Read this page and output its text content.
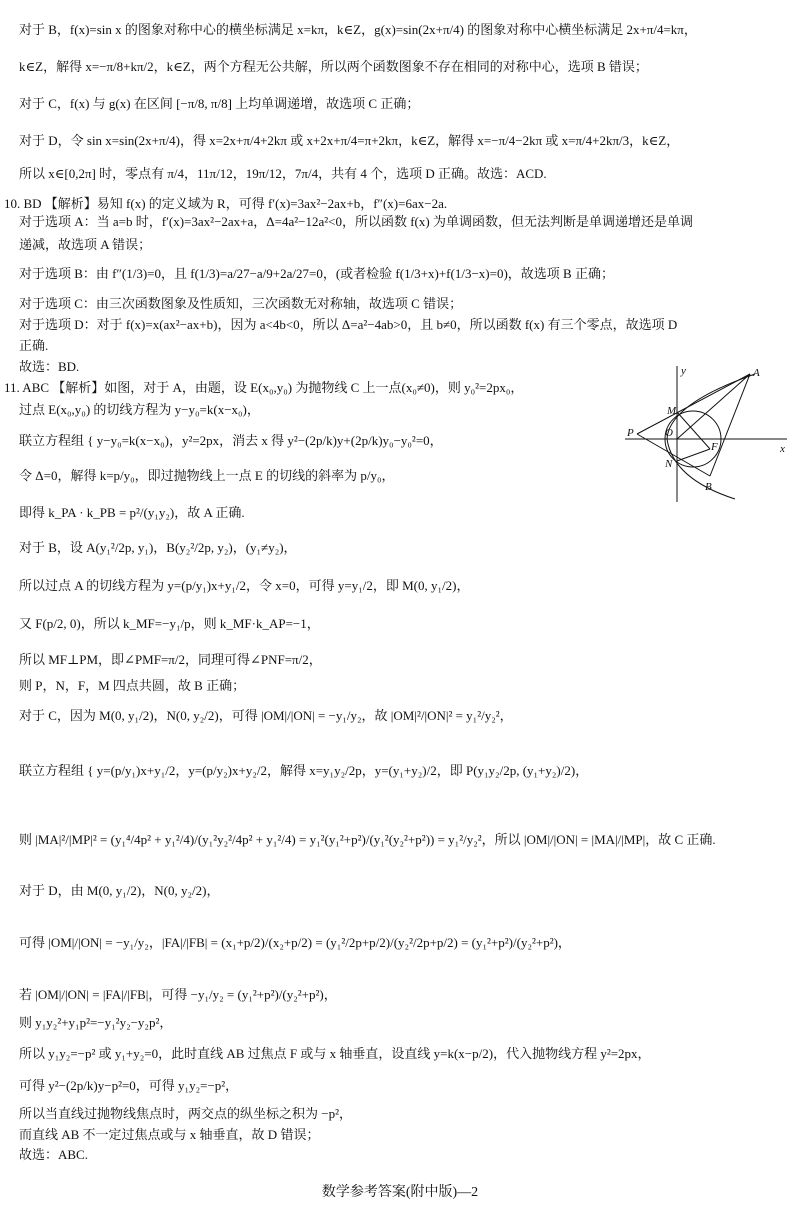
对于 B，f(x)=sin x 的图象对称中心的横坐标满足 x=kπ，k∈Z，g(x)=sin(2x+π/4) 的图象对称中心横坐标满足 2x+π/4=kπ，
k∈Z，解得 x=−π/8+kπ/2，k∈Z，两个方程无公共解，所以两个函数图象不存在相同的对称中心，选项 B 错误；
对于 C，f(x) 与 g(x) 在区间 [−π/8, π/8] 上均单调递增，故选项 C 正确；
对于 D，令 sin x=sin(2x+π/4)，得 x=2x+π/4+2kπ 或 x+2x+π/4=π+2kπ，k∈Z，解得 x=−π/4−2kπ 或 x=π/4+2kπ/3，k∈Z，
所以 x∈[0,2π] 时，零点有 π/4，11π/12，19π/12，7π/4，共有 4 个，选项 D 正确。故选：ACD.
10. BD 【解析】易知 f(x) 的定义域为 R，可得 f′(x)=3ax²−2ax+b，f″(x)=6ax−2a.
对于选项 A：当 a=b 时，f′(x)=3ax²−2ax+a，Δ=4a²−12a²<0，所以函数 f(x) 为单调函数，但无法判断是单调递增还是单调
递减，故选项 A 错误；
对于选项 B：由 f″(1/3)=0，且 f(1/3)=a/27−a/9+2a/27=0，(或者检验 f(1/3+x)+f(1/3−x)=0)，故选项 B 正确；
对于选项 C：由三次函数图象及性质知，三次函数无对称轴，故选项 C 错误；
对于选项 D：对于 f(x)=x(ax²−ax+b)，因为 a<4b<0，所以 Δ=a²−4ab>0，且 b≠0，所以函数 f(x) 有三个零点，故选项 D
正确.
故选：BD.
11. ABC 【解析】如图，对于 A，由题，设 E(x₀,y₀) 为抛物线 C 上一点(x₀≠0)，则 y₀²=2px₀，
过点 E(x₀,y₀) 的切线方程为 y−y₀=k(x−x₀)，
联立方程组 { y−y₀=k(x−x₀)，y²=2px，消去 x 得 y²−(2p/k)y+(2p/k)y₀−y₀²=0，
令 Δ=0，解得 k=p/y₀，即过抛物线上一点 E 的切线的斜率为 p/y₀，
即得 k_PA · k_PB = p²/(y₁y₂)，故 A 正确.
对于 B，设 A(y₁²/2p, y₁)，B(y₂²/2p, y₂)，(y₁≠y₂)，
所以过点 A 的切线方程为 y=(p/y₁)x+y₁/2，令 x=0，可得 y=y₁/2，即 M(0, y₁/2)，
又 F(p/2, 0)，所以 k_MF=−y₁/p，则 k_MF·k_AP=−1，
所以 MF⊥PM，即∠PMF=π/2，同理可得∠PNF=π/2，
则 P，N，F，M 四点共圆，故 B 正确；
对于 C，因为 M(0, y₁/2)，N(0, y₂/2)，可得 |OM|/|ON| = −y₁/y₂，故 |OM|²/|ON|² = y₁²/y₂²，
联立方程组 { y=(p/y₁)x+y₁/2，y=(p/y₂)x+y₂/2，解得 x=y₁y₂/2p，y=(y₁+y₂)/2，即 P(y₁y₂/2p, (y₁+y₂)/2)，
则 |MA|²/|MP|² = (y₁⁴/4p² + y₁²/4)/(y₁²y₂²/4p² + y₁²/4) = y₁²(y₁²+p²)/(y₁²(y₂²+p²)) = y₁²/y₂²，所以 |OM|/|ON| = |MA|/|MP|，故 C 正确.
对于 D，由 M(0, y₁/2)，N(0, y₂/2)，
可得 |OM|/|ON| = −y₁/y₂，|FA|/|FB| = (x₁+p/2)/(x₂+p/2) = (y₁²/2p+p/2)/(y₂²/2p+p/2) = (y₁²+p²)/(y₂²+p²)，
若 |OM|/|ON| = |FA|/|FB|，可得 −y₁/y₂ = (y₁²+p²)/(y₂²+p²)，
则 y₁y₂²+y₁p²=−y₁²y₂−y₂p²，
所以 y₁y₂=−p² 或 y₁+y₂=0，此时直线 AB 过焦点 F 或与 x 轴垂直，设直线 y=k(x−p/2)，代入抛物线方程 y²=2px，
可得 y²−(2p/k)y−p²=0，可得 y₁y₂=−p²，
所以当直线过抛物线焦点时，两交点的纵坐标之积为 −p²，
而直线 AB 不一定过焦点或与 x 轴垂直，故 D 错误；
故选：ABC.
y	A
M
P	O
F
N
B
x
数学参考答案(附中版)—2
